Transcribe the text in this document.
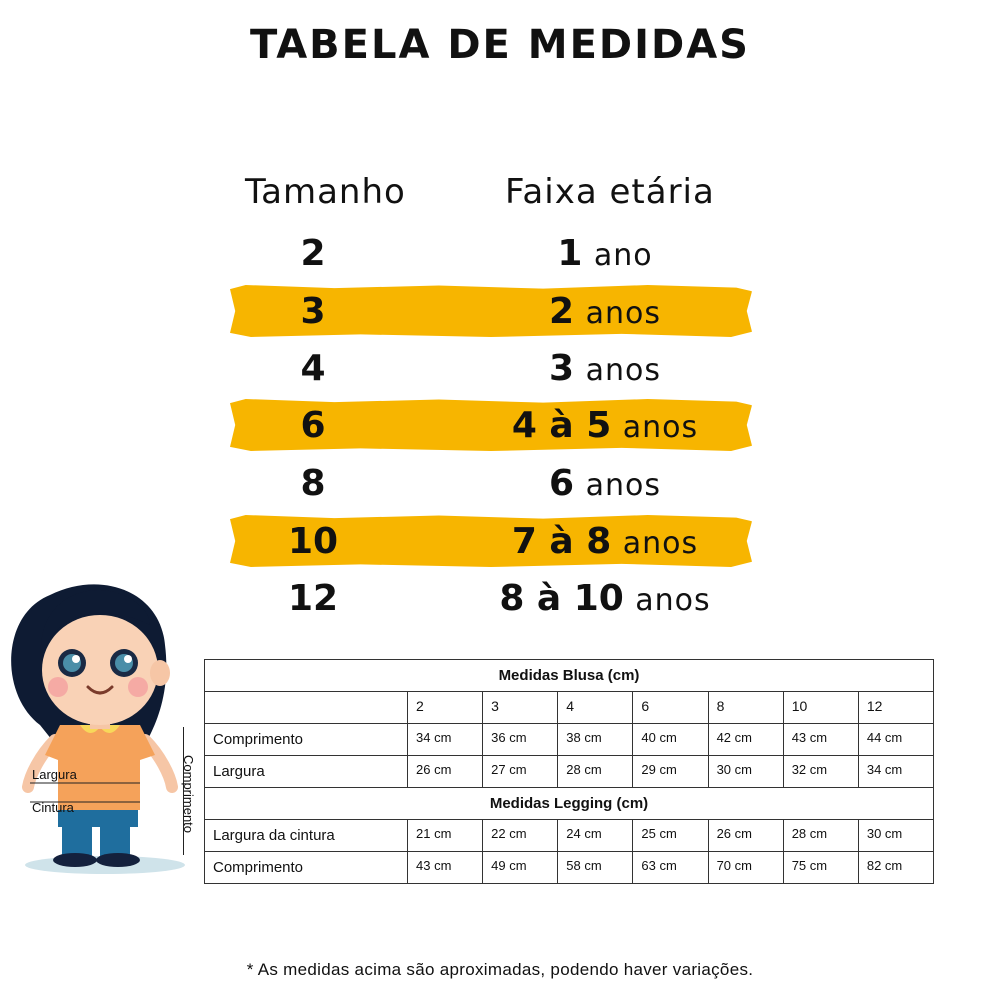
TABELA DE MEDIDAS
Tamanho	Faixa etária
2	1 ano
3	2 anos
4	3 anos
6	4 à 5 anos
8	6 anos
10	7 à 8 anos
12	8 à 10 anos
Largura
Cintura	Comprimento
Medidas Blusa (cm)							
	2	3	4	6	8	10	12
Comprimento	34 cm	36 cm	38 cm	40 cm	42 cm	43 cm	44 cm
Largura	26 cm	27 cm	28 cm	29 cm	30 cm	32 cm	34 cm
Medidas Legging (cm)							
Largura da cintura	21 cm	22 cm	24 cm	25 cm	26 cm	28 cm	30 cm
Comprimento	43 cm	49 cm	58 cm	63 cm	70 cm	75 cm	82 cm
* As medidas acima são aproximadas, podendo haver variações.
